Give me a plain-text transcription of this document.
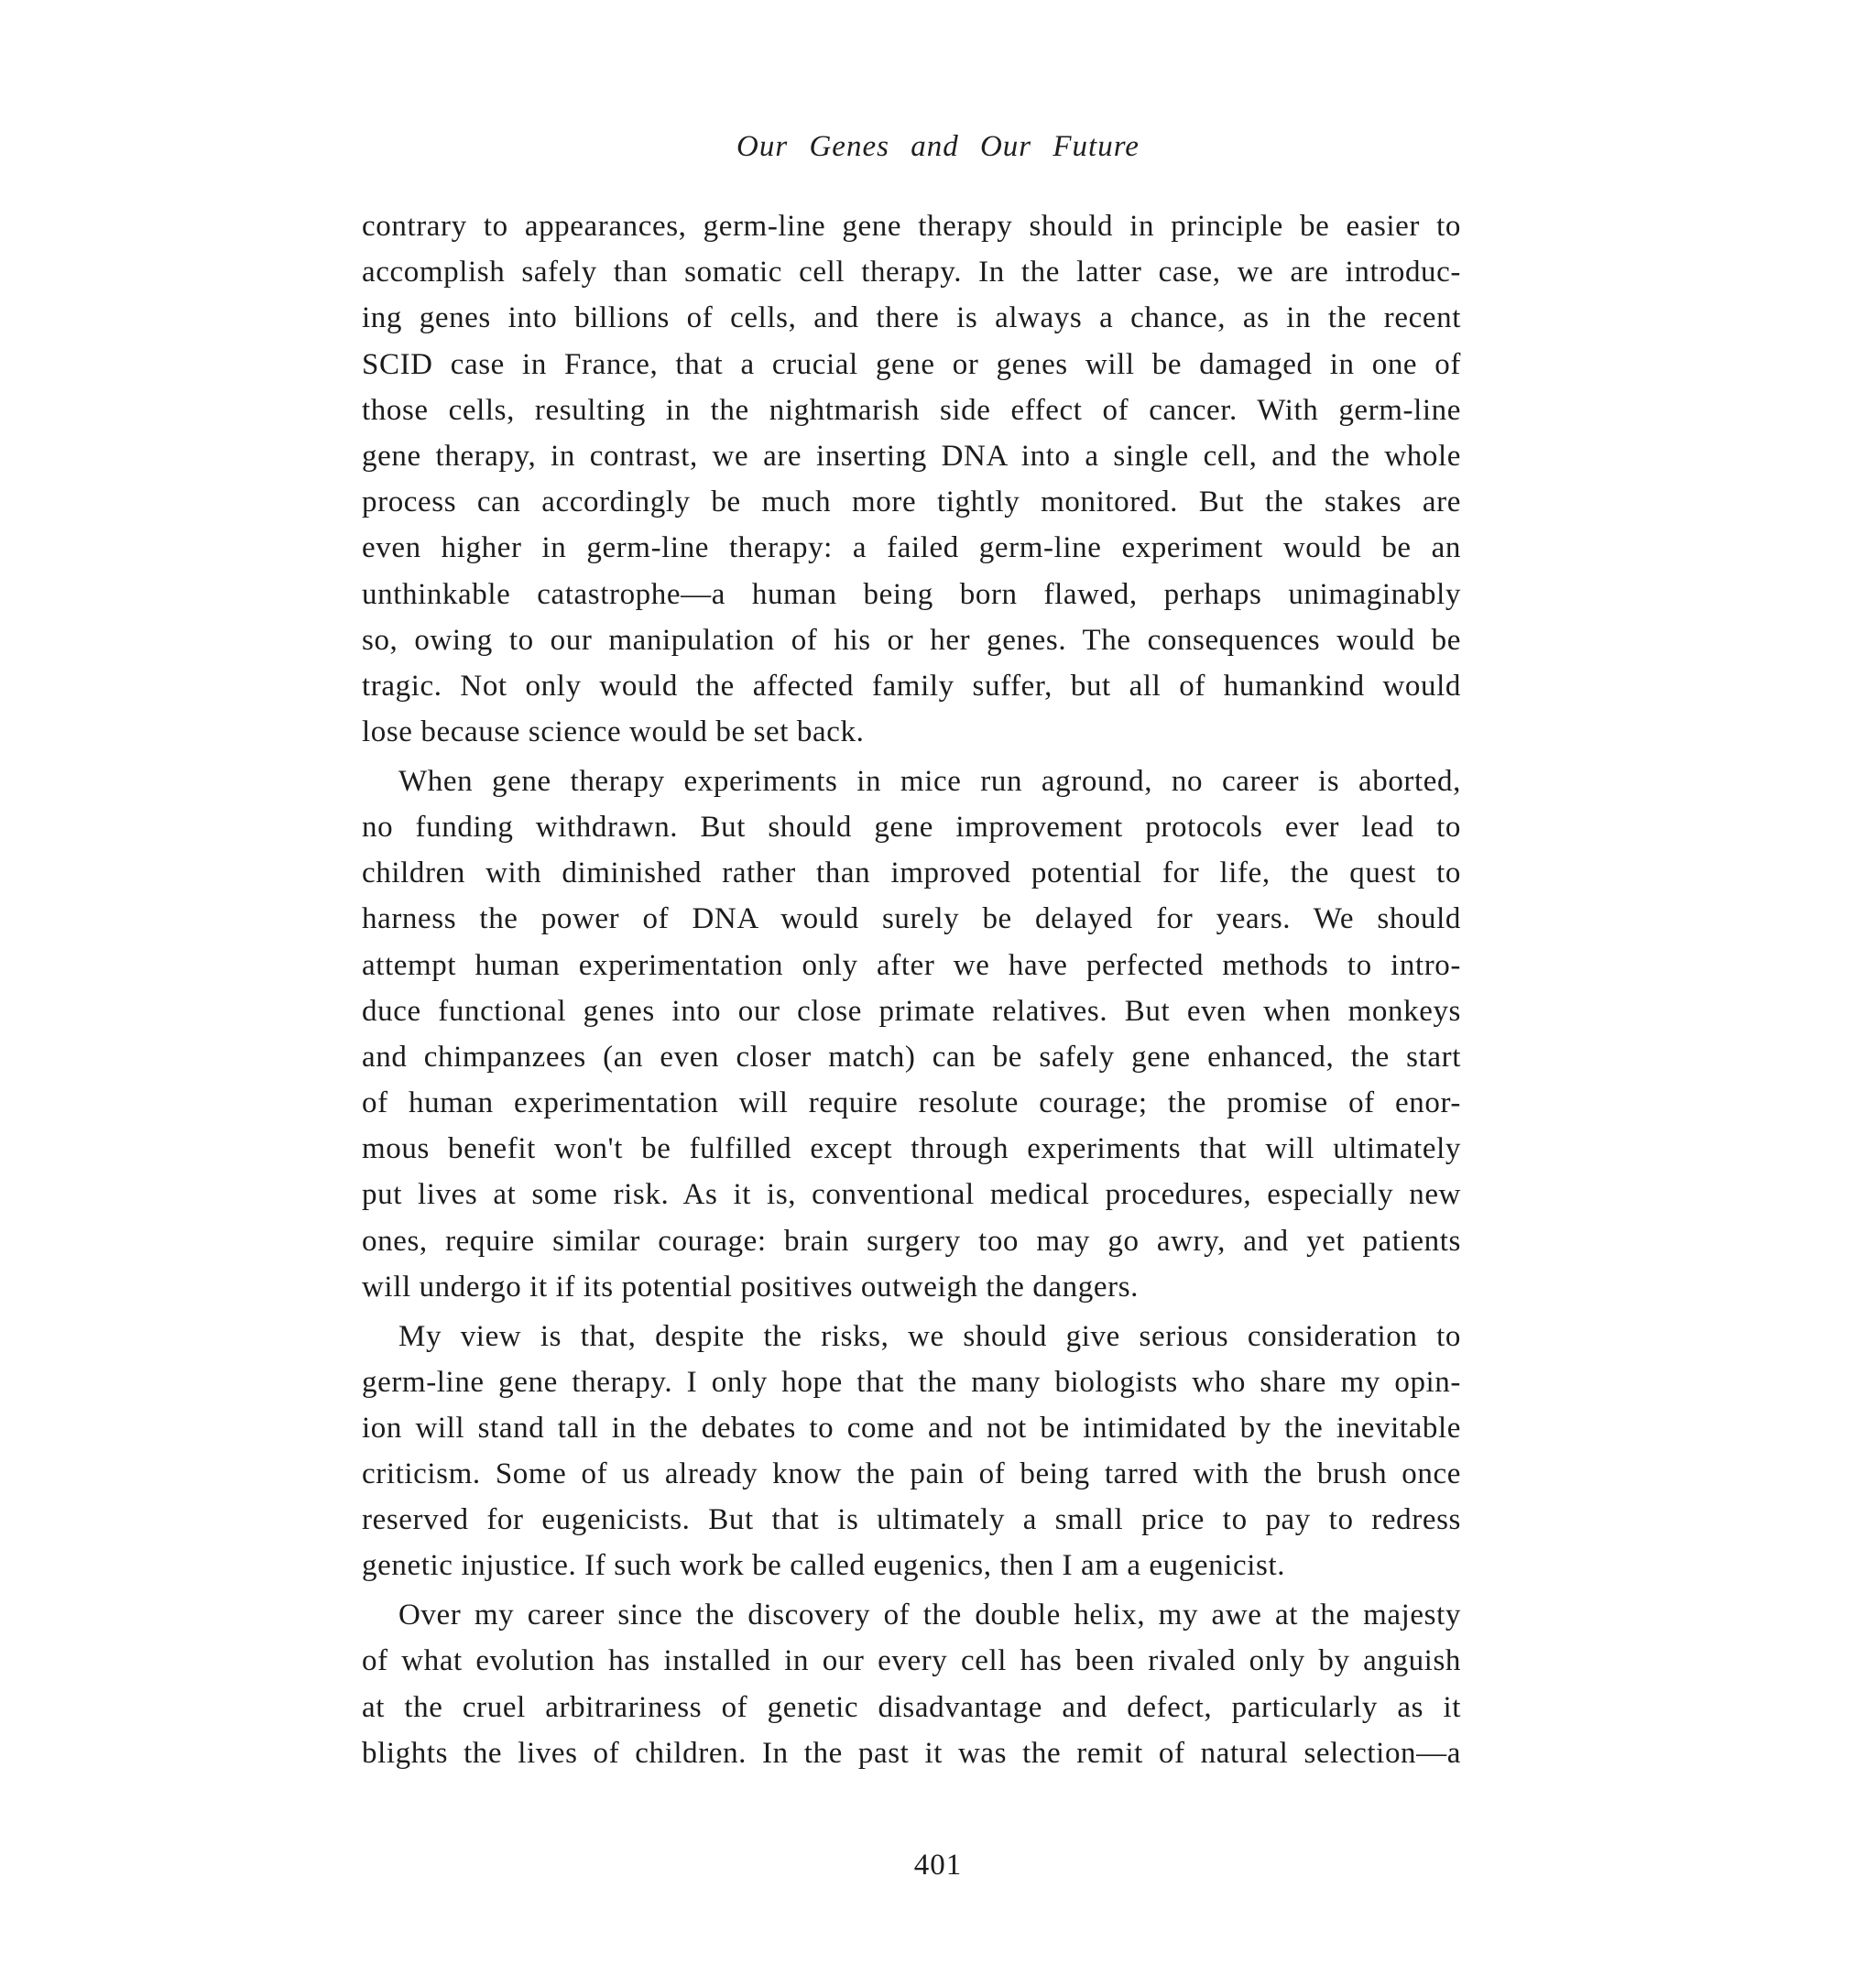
Our Genes and Our Future
contrary to appearances, germ-line gene therapy should in principle be easier to
accomplish safely than somatic cell therapy. In the latter case, we are introduc-
ing genes into billions of cells, and there is always a chance, as in the recent
SCID case in France, that a crucial gene or genes will be damaged in one of
those cells, resulting in the nightmarish side effect of cancer. With germ-line
gene therapy, in contrast, we are inserting DNA into a single cell, and the whole
process can accordingly be much more tightly monitored. But the stakes are
even higher in germ-line therapy: a failed germ-line experiment would be an
unthinkable catastrophe—a human being born flawed, perhaps unimaginably
so, owing to our manipulation of his or her genes. The consequences would be
tragic. Not only would the affected family suffer, but all of humankind would
lose because science would be set back.
When gene therapy experiments in mice run aground, no career is aborted,
no funding withdrawn. But should gene improvement protocols ever lead to
children with diminished rather than improved potential for life, the quest to
harness the power of DNA would surely be delayed for years. We should
attempt human experimentation only after we have perfected methods to intro-
duce functional genes into our close primate relatives. But even when monkeys
and chimpanzees (an even closer match) can be safely gene enhanced, the start
of human experimentation will require resolute courage; the promise of enor-
mous benefit won't be fulfilled except through experiments that will ultimately
put lives at some risk. As it is, conventional medical procedures, especially new
ones, require similar courage: brain surgery too may go awry, and yet patients
will undergo it if its potential positives outweigh the dangers.
My view is that, despite the risks, we should give serious consideration to
germ-line gene therapy. I only hope that the many biologists who share my opin-
ion will stand tall in the debates to come and not be intimidated by the inevitable
criticism. Some of us already know the pain of being tarred with the brush once
reserved for eugenicists. But that is ultimately a small price to pay to redress
genetic injustice. If such work be called eugenics, then I am a eugenicist.
Over my career since the discovery of the double helix, my awe at the majesty
of what evolution has installed in our every cell has been rivaled only by anguish
at the cruel arbitrariness of genetic disadvantage and defect, particularly as it
blights the lives of children. In the past it was the remit of natural selection—a
401
